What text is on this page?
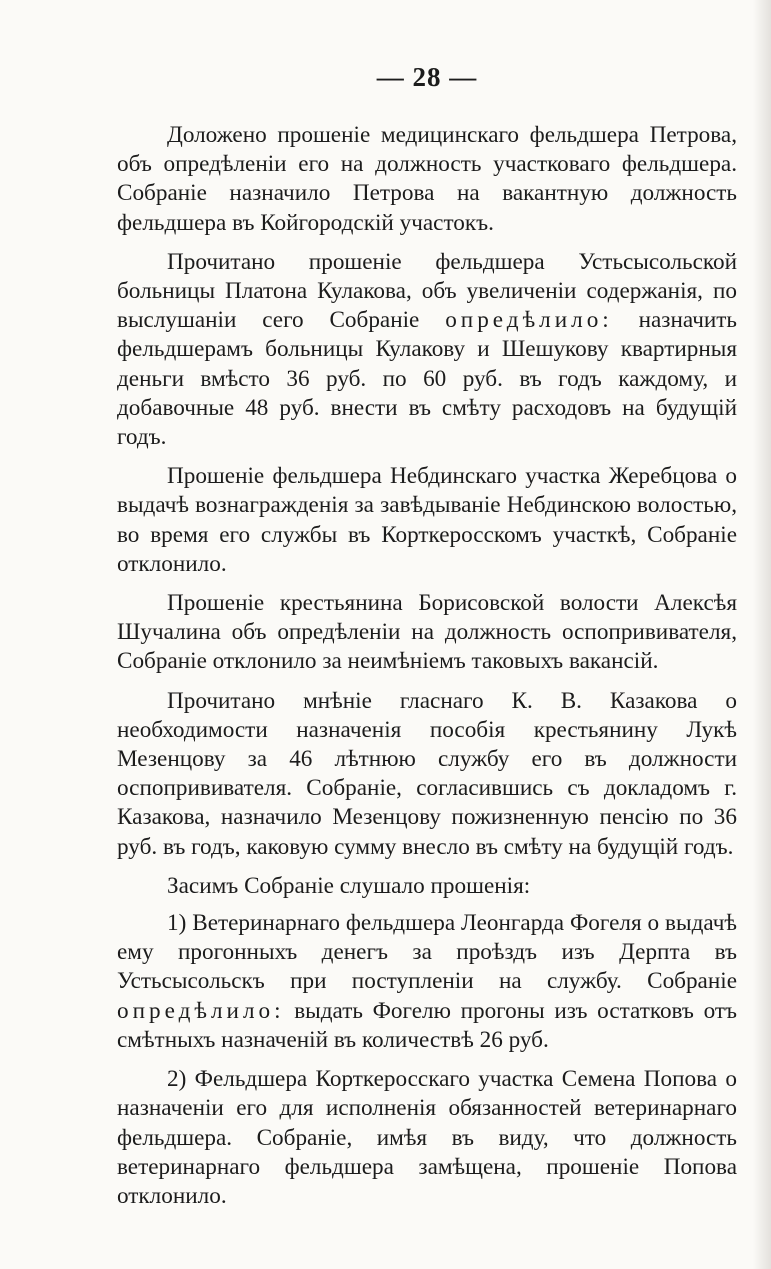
— 28 —

Доложено прошеніе медицинскаго фельдшера Петрова, объ опредѣленіи его на должность участковаго фельдшера. Собраніе назначило Петрова на вакантную должность фельдшера въ Койгородскій участокъ.

Прочитано прошеніе фельдшера Устьсысольской больницы Платона Кулакова, объ увеличеніи содержанія, по выслушаніи сего Собраніе опредѣлило: назначить фельдшерамъ больницы Кулакову и Шешукову квартирныя деньги вмѣсто 36 руб. по 60 руб. въ годъ каждому, и добавочные 48 руб. внести въ смѣту расходовъ на будущій годъ.

Прошеніе фельдшера Небдинскаго участка Жеребцова о выдачѣ вознагражденія за завѣдываніе Небдинскою волостью, во время его службы въ Корткеросскомъ участкѣ, Собраніе отклонило.

Прошеніе крестьянина Борисовской волости Алексѣя Шучалина объ опредѣленіи на должность оспопрививателя, Собраніе отклонило за неимѣніемъ таковыхъ вакансій.

Прочитано мнѣніе гласнаго К. В. Казакова о необходимости назначенія пособія крестьянину Лукѣ Мезенцову за 46 лѣтнюю службу его въ должности оспопрививателя. Собраніе, согласившись съ докладомъ г. Казакова, назначило Мезенцову пожизненную пенсію по 36 руб. въ годъ, каковую сумму внесло въ смѣту на будущій годъ.

Засимъ Собраніе слушало прошенія:

1) Ветеринарнаго фельдшера Леонгарда Фогеля о выдачѣ ему прогонныхъ денегъ за проѣздъ изъ Дерпта въ Устьсысольскъ при поступленіи на службу. Собраніе опредѣлило: выдать Фогелю прогоны изъ остатковъ отъ смѣтныхъ назначеній въ количествѣ 26 руб.

2) Фельдшера Корткеросскаго участка Семена Попова о назначеніи его для исполненія обязанностей ветеринарнаго фельдшера. Собраніе, имѣя въ виду, что должность ветеринарнаго фельдшера замѣщена, прошеніе Попова отклонило.
